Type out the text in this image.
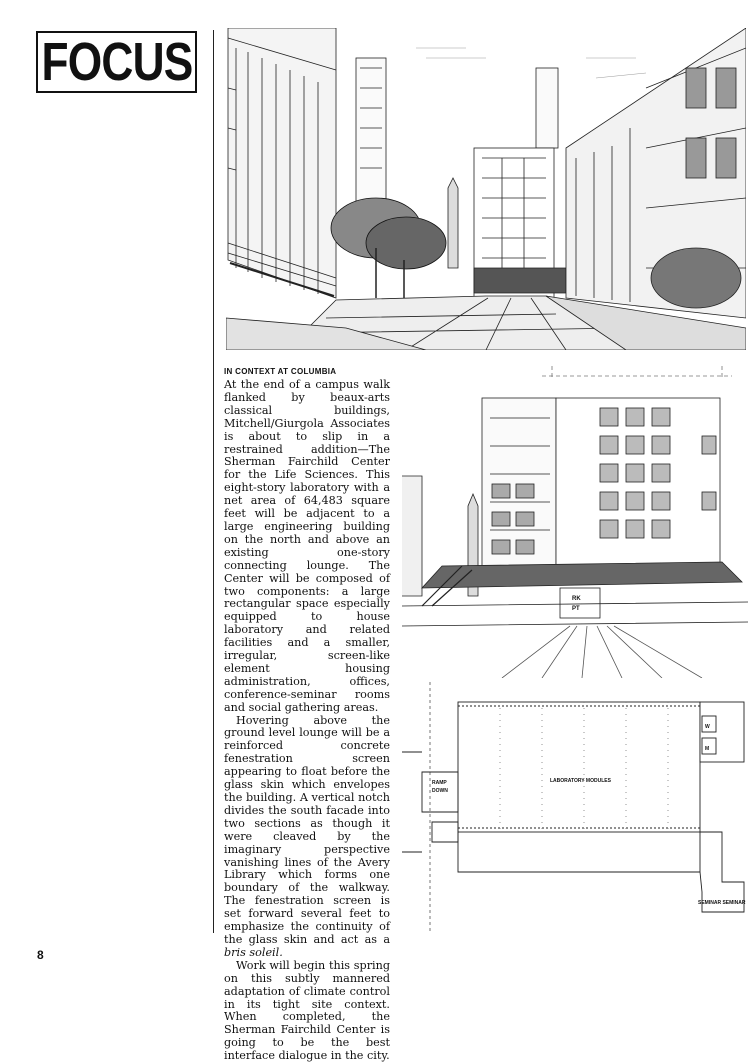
FOCUS
RK
PT
RAMP
DOWN
LABORATORY MODULES
W
M
SEMINAR SEMINAR
IN CONTEXT AT COLUMBIA

At the end of a campus walk flanked by beaux-arts classical buildings, Mitchell/Giurgola Associates is about to slip in a restrained addition—The Sherman Fairchild Center for the Life Sciences. This eight-story laboratory with a net area of 64,483 square feet will be adjacent to a large engineering building on the north and above an existing one-story connecting lounge. The Center will be composed of two components: a large rectangular space especially equipped to house laboratory and related facilities and a smaller, irregular, screen-like element housing administration, offices, conference-seminar rooms and social gathering areas.

Hovering above the ground level lounge will be a reinforced concrete fenestration screen appearing to float before the glass skin which envelopes the building. A vertical notch divides the south facade into two sections as though it were cleaved by the imaginary perspective vanishing lines of the Avery Library which forms one boundary of the walkway. The fenestration screen is set forward several feet to emphasize the continuity of the glass skin and act as a bris soleil.

Work will begin this spring on this subtly mannered adaptation of climate control in its tight site context. When completed, the Sherman Fairchild Center is going to be the best interface dialogue in the city.

8
